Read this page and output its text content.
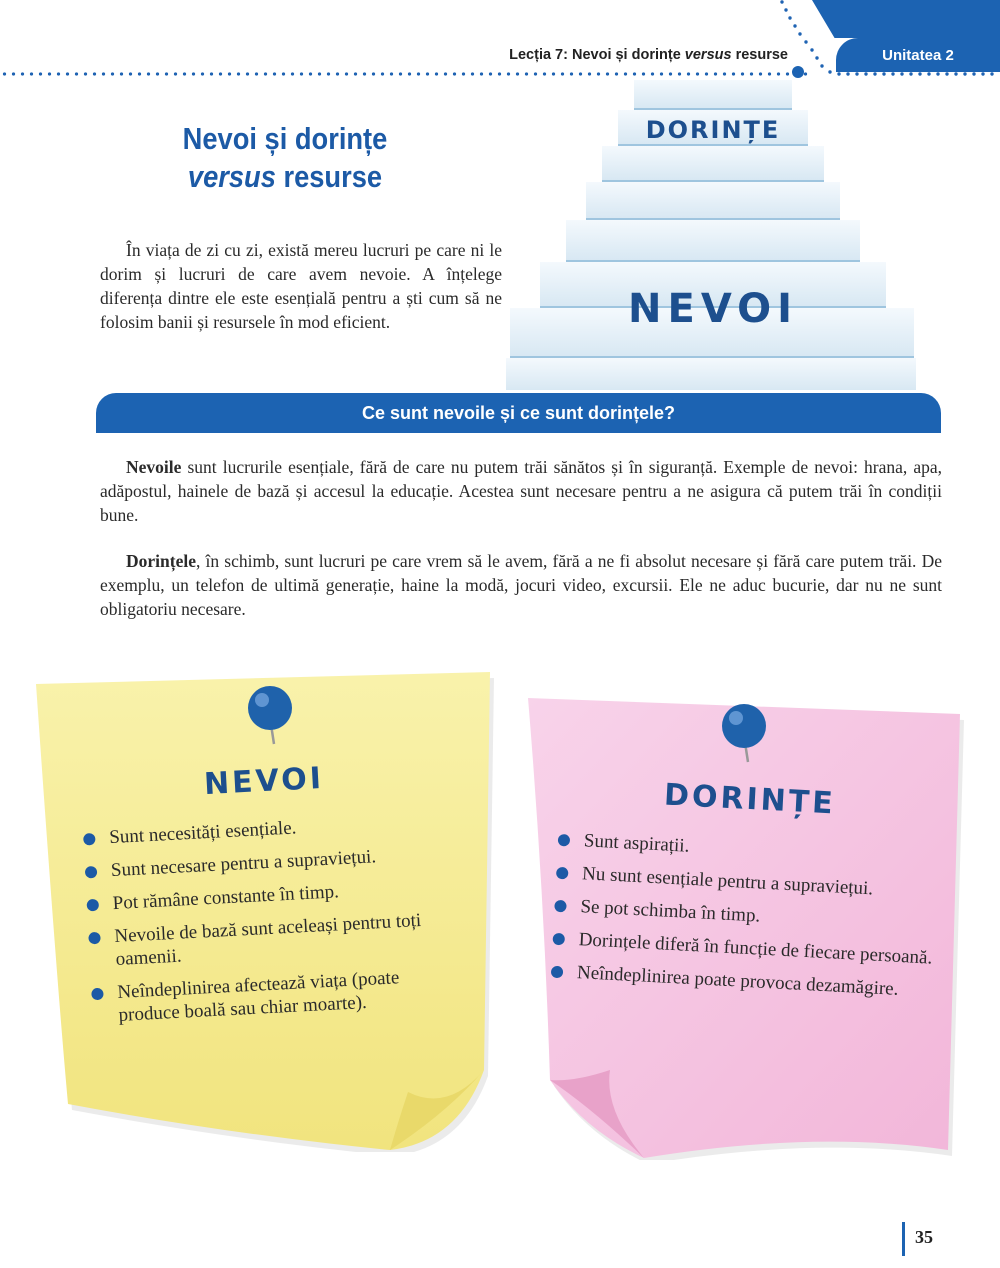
Unitatea 2
Lecția 7: Nevoi și dorințe versus resurse
Nevoi și dorințe
versus resurse
În viața de zi cu zi, există mereu lucruri pe care ni le dorim și lucruri de care avem nevoie. A înțelege diferența dintre ele este esențială pentru a ști cum să ne folosim banii și resursele în mod eficient.
DORINȚE
NEVOI
Ce sunt nevoile și ce sunt dorințele?
Nevoile sunt lucrurile esențiale, fără de care nu putem trăi sănătos și în siguranță. Exemple de nevoi: hrana, apa, adăpostul, hainele de bază și accesul la educație. Acestea sunt necesare pentru a ne asigura că putem trăi în condiții bune.
Dorințele, în schimb, sunt lucruri pe care vrem să le avem, fără a ne fi absolut necesare și fără care putem trăi. De exemplu, un telefon de ultimă generație, haine la modă, jocuri video, excursii. Ele ne aduc bucurie, dar nu ne sunt obligatoriu necesare.
NEVOI
Sunt necesități esențiale.
Sunt necesare pentru a supraviețui.
Pot rămâne constante în timp.
Nevoile de bază sunt aceleași pentru toți oamenii.
Neîndeplinirea afectează viața (poate produce boală sau chiar moarte).
DORINȚE
Sunt aspirații.
Nu sunt esențiale pentru a supraviețui.
Se pot schimba în timp.
Dorințele diferă în funcție de fiecare persoană.
Neîndeplinirea poate provoca dezamăgire.
35
